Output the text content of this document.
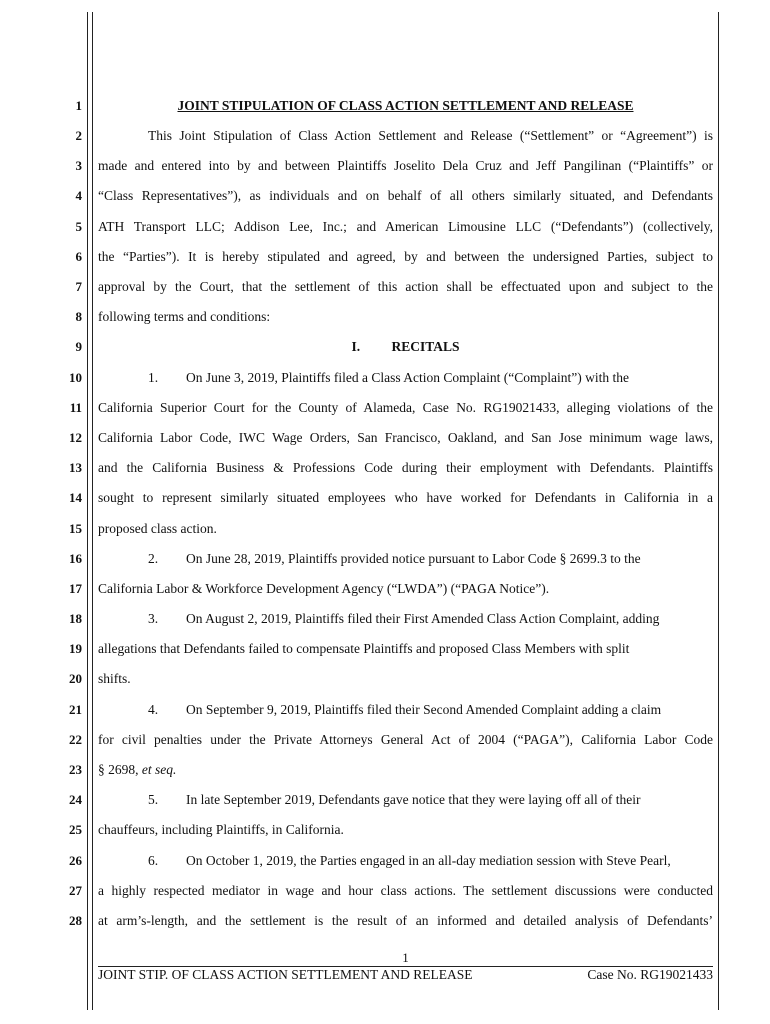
1
2
3
4
5
6
7
8
9
10
11
12
13
14
15
16
17
18
19
20
21
22
23
24
25
26
27
28
JOINT STIPULATION OF CLASS ACTION SETTLEMENT AND RELEASE
This Joint Stipulation of Class Action Settlement and Release (“Settlement” or “Agreement”) is
made and entered into by and between Plaintiffs Joselito Dela Cruz and Jeff Pangilinan (“Plaintiffs” or
“Class Representatives”), as individuals and on behalf of all others similarly situated, and Defendants
ATH Transport LLC; Addison Lee, Inc.; and American Limousine LLC (“Defendants”) (collectively,
the “Parties”). It is hereby stipulated and agreed, by and between the undersigned Parties, subject to
approval by the Court, that the settlement of this action shall be effectuated upon and subject to the
following terms and conditions:
I. RECITALS
1. On June 3, 2019, Plaintiffs filed a Class Action Complaint (“Complaint”) with the
California Superior Court for the County of Alameda, Case No. RG19021433, alleging violations of the
California Labor Code, IWC Wage Orders, San Francisco, Oakland, and San Jose minimum wage laws,
and the California Business & Professions Code during their employment with Defendants. Plaintiffs
sought to represent similarly situated employees who have worked for Defendants in California in a
proposed class action.
2. On June 28, 2019, Plaintiffs provided notice pursuant to Labor Code § 2699.3 to the
California Labor & Workforce Development Agency (“LWDA”) (“PAGA Notice”).
3. On August 2, 2019, Plaintiffs filed their First Amended Class Action Complaint, adding
allegations that Defendants failed to compensate Plaintiffs and proposed Class Members with split
shifts.
4. On September 9, 2019, Plaintiffs filed their Second Amended Complaint adding a claim
for civil penalties under the Private Attorneys General Act of 2004 (“PAGA”), California Labor Code
§ 2698, et seq.
5. In late September 2019, Defendants gave notice that they were laying off all of their
chauffeurs, including Plaintiffs, in California.
6. On October 1, 2019, the Parties engaged in an all-day mediation session with Steve Pearl,
a highly respected mediator in wage and hour class actions. The settlement discussions were conducted
at arm’s-length, and the settlement is the result of an informed and detailed analysis of Defendants’
1
JOINT STIP. OF CLASS ACTION SETTLEMENT AND RELEASE	Case No. RG19021433
